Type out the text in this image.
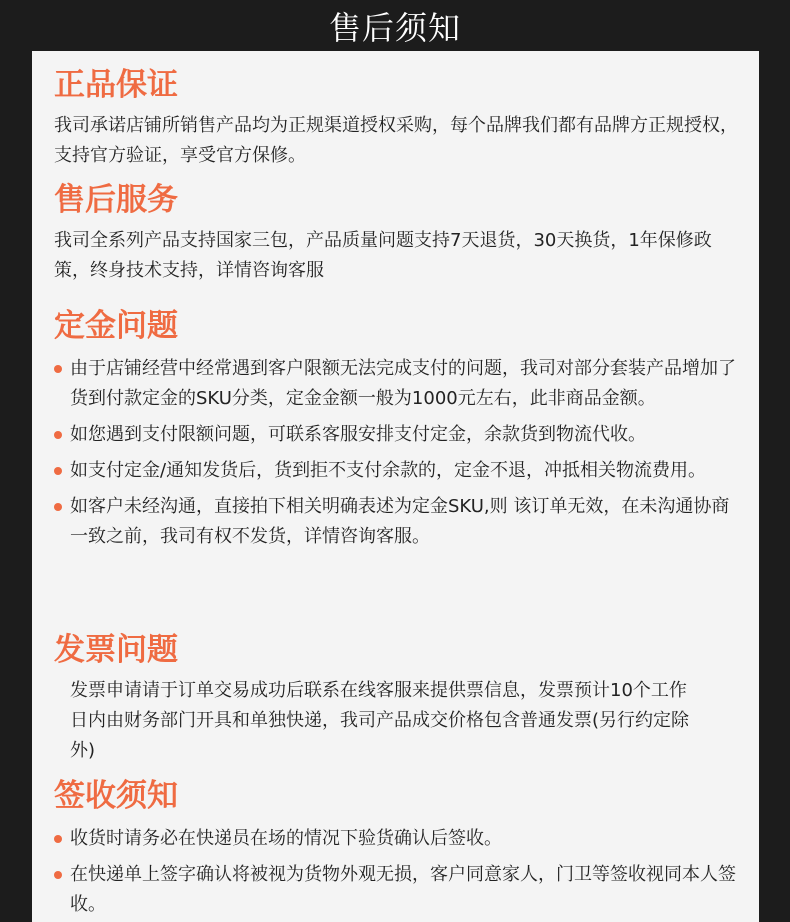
售后须知
正品保证
我司承诺店铺所销售产品均为正规渠道授权采购，每个品牌我们都有品牌方正规授权，支持官方验证，享受官方保修。
售后服务
我司全系列产品支持国家三包，产品质量问题支持7天退货，30天换货，1年保修政策，终身技术支持，详情咨询客服
定金问题
由于店铺经营中经常遇到客户限额无法完成支付的问题，我司对部分套装产品增加了货到付款定金的SKU分类，定金金额一般为1000元左右，此非商品金额。
如您遇到支付限额问题，可联系客服安排支付定金，余款货到物流代收。
如支付定金/通知发货后，货到拒不支付余款的，定金不退，冲抵相关物流费用。
如客户未经沟通，直接拍下相关明确表述为定金SKU,则 该订单无效，在未沟通协商一致之前，我司有权不发货，详情咨询客服。
发票问题
发票申请请于订单交易成功后联系在线客服来提供票信息，发票预计10个工作日内由财务部门开具和单独快递，我司产品成交价格包含普通发票(另行约定除外)
签收须知
收货时请务必在快递员在场的情况下验货确认后签收。
在快递单上签字确认将被视为货物外观无损，客户同意家人，门卫等签收视同本人签收。
